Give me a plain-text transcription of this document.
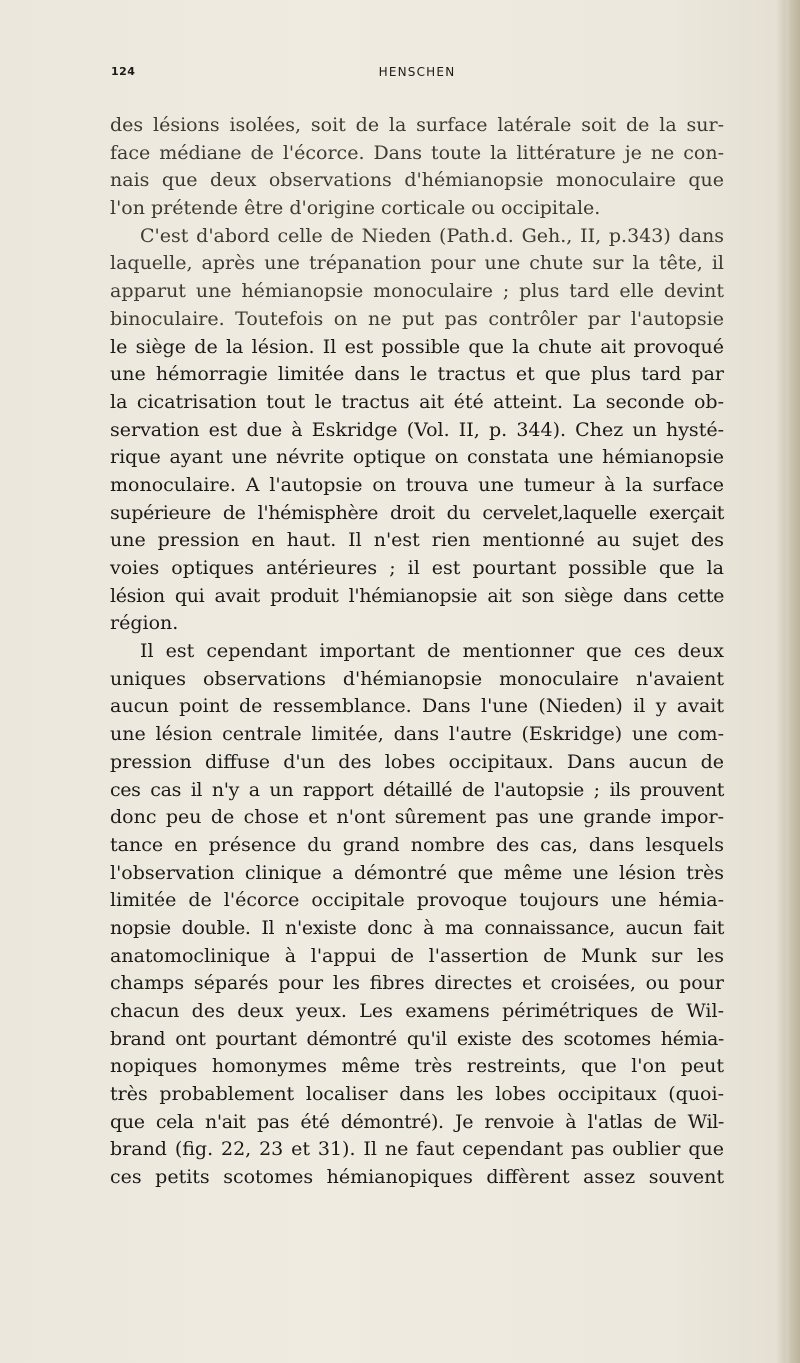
124	HENSCHEN
des lésions isolées, soit de la surface latérale soit de la sur-
face médiane de l'écorce. Dans toute la littérature je ne con-
nais que deux observations d'hémianopsie monoculaire que
l'on prétende être d'origine corticale ou occipitale.
C'est d'abord celle de Nieden (Path.d. Geh., II, p.343) dans
laquelle, après une trépanation pour une chute sur la tête, il
apparut une hémianopsie monoculaire ; plus tard elle devint
binoculaire. Toutefois on ne put pas contrôler par l'autopsie
le siège de la lésion. Il est possible que la chute ait provoqué
une hémorragie limitée dans le tractus et que plus tard par
la cicatrisation tout le tractus ait été atteint. La seconde ob-
servation est due à Eskridge (Vol. II, p. 344). Chez un hysté-
rique ayant une névrite optique on constata une hémianopsie
monoculaire. A l'autopsie on trouva une tumeur à la surface
supérieure de l'hémisphère droit du cervelet,laquelle exerçait
une pression en haut. Il n'est rien mentionné au sujet des
voies optiques antérieures ; il est pourtant possible que la
lésion qui avait produit l'hémianopsie ait son siège dans cette
région.
Il est cependant important de mentionner que ces deux
uniques observations d'hémianopsie monoculaire n'avaient
aucun point de ressemblance. Dans l'une (Nieden) il y avait
une lésion centrale limitée, dans l'autre (Eskridge) une com-
pression diffuse d'un des lobes occipitaux. Dans aucun de
ces cas il n'y a un rapport détaillé de l'autopsie ; ils prouvent
donc peu de chose et n'ont sûrement pas une grande impor-
tance en présence du grand nombre des cas, dans lesquels
l'observation clinique a démontré que même une lésion très
limitée de l'écorce occipitale provoque toujours une hémia-
nopsie double. Il n'existe donc à ma connaissance, aucun fait
anatomoclinique à l'appui de l'assertion de Munk sur les
champs séparés pour les fibres directes et croisées, ou pour
chacun des deux yeux. Les examens périmétriques de Wil-
brand ont pourtant démontré qu'il existe des scotomes hémia-
nopiques homonymes même très restreints, que l'on peut
très probablement localiser dans les lobes occipitaux (quoi-
que cela n'ait pas été démontré). Je renvoie à l'atlas de Wil-
brand (fig. 22, 23 et 31). Il ne faut cependant pas oublier que
ces petits scotomes hémianopiques diffèrent assez souvent
